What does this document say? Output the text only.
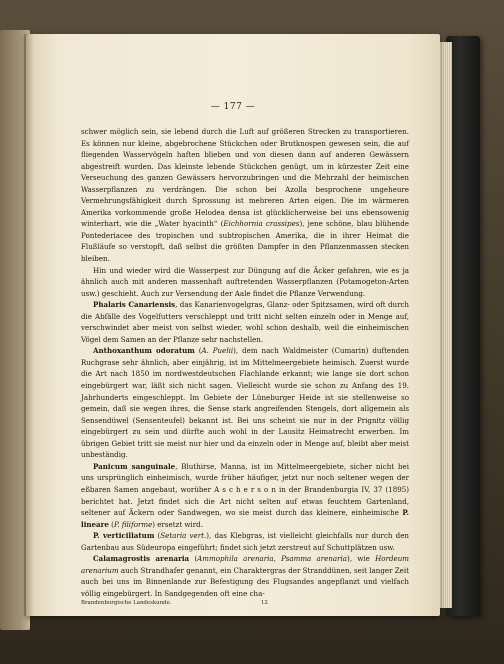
— 177 —

schwer möglich sein, sie lebend durch die Luft auf größeren Strecken zu transportieren. Es können nur kleine, abgebrochene Stückchen oder Brutknospen gewesen sein, die auf fliegenden Wasservögeln haften blieben und von diesen dann auf anderen Gewässern abgestreift wurden. Das kleinste lebende Stückchen genügt, um in kürzester Zeit eine Verseuchung des ganzen Gewässers hervorzubringen und die Mehrzahl der heimischen Wasserpflanzen zu verdrängen. Die schon bei Azolla besprochene ungeheure Vermehrungsfähigkeit durch Sprossung ist mehreren Arten eigen. Die im wärmeren Amerika vorkommende große Helodea densa ist glücklicherweise bei uns ebensowenig winterhart, wie die „Water hyacinth“ (Eichhornia crassipes), jene schöne, blau blühende Pontederiacee des tropischen und subtropischen Amerika, die in ihrer Heimat die Flußläufe so verstopft, daß selbst die größten Dampfer in den Pflanzenmassen stecken bleiben.

Hin und wieder wird die Wasserpest zur Düngung auf die Äcker gefahren, wie es ja ähnlich auch mit anderen massenhaft auftretenden Wasserpflanzen (Potamogeton-Arten usw.) geschieht. Auch zur Versendung der Aale findet die Pflanze Verwendung.

Phalaris Canariensis, das Kanarienvogelgras, Glanz- oder Spitzsamen, wird oft durch die Abfälle des Vogelfutters verschleppt und tritt nicht selten einzeln oder in Menge auf, verschwindet aber meist von selbst wieder, wohl schon deshalb, weil die einheimischen Vögel dem Samen an der Pflanze sehr nachstellen.

Anthoxanthum odoratum (A. Puelii), dem nach Waldmeister (Cumarin) duftenden Ruchgrase sehr ähnlich, aber einjährig, ist im Mittelmeergebiete heimisch. Zuerst wurde die Art nach 1850 im nordwestdeutschen Flachlande erkannt; wie lange sie dort schon eingebürgert war, läßt sich nicht sagen. Vielleicht wurde sie schon zu Anfang des 19. Jahrhunderts eingeschleppt. Im Gebiete der Lüneburger Heide ist sie stellenweise so gemein, daß sie wegen ihres, die Sense stark angreifenden Stengels, dort allgemein als Sensendüwel (Sensenteufel) bekannt ist. Bei uns scheint sie nur in der Prignitz völlig eingebürgert zu sein und dürfte auch wohl in der Lausitz Heimatrecht erwerben. Im übrigen Gebiet tritt sie meist nur hier und da einzeln oder in Menge auf, bleibt aber meist unbeständig.

Panicum sanguinale, Bluthirse, Manna, ist im Mittelmeergebiete, sicher nicht bei uns ursprünglich einheimisch, wurde früher häufiger, jetzt nur noch seltener wegen der eßbaren Samen angebaut, worüber A s c h e r s o n in der Brandenburgia IV, 37 (1895) berichtet hat. Jetzt findet sich die Art nicht selten auf etwas feuchtem Gartenland, seltener auf Äckern oder Sandwegen, wo sie meist durch das kleinere, einheimische P. lineare (P. filiforme) ersetzt wird.

P. verticillatum (Setaria vert.), das Klebgras, ist vielleicht gleichfalls nur durch den Gartenbau aus Südeuropa eingeführt; findet sich jetzt zerstreut auf Schuttplätzen usw.

Calamagrostis arenaria (Ammophila arenaria, Psamma arenaria), wie Hordeum arenarium auch Strandhafer genannt, ein Charaktergras der Stranddünen, seit langer Zeit auch bei uns im Binnenlande zur Befestigung des Flugsandes angepflanzt und vielfach völlig eingebürgert. In Sandgegenden oft eine cha-

Brandenburgische Landeskunde.	12
